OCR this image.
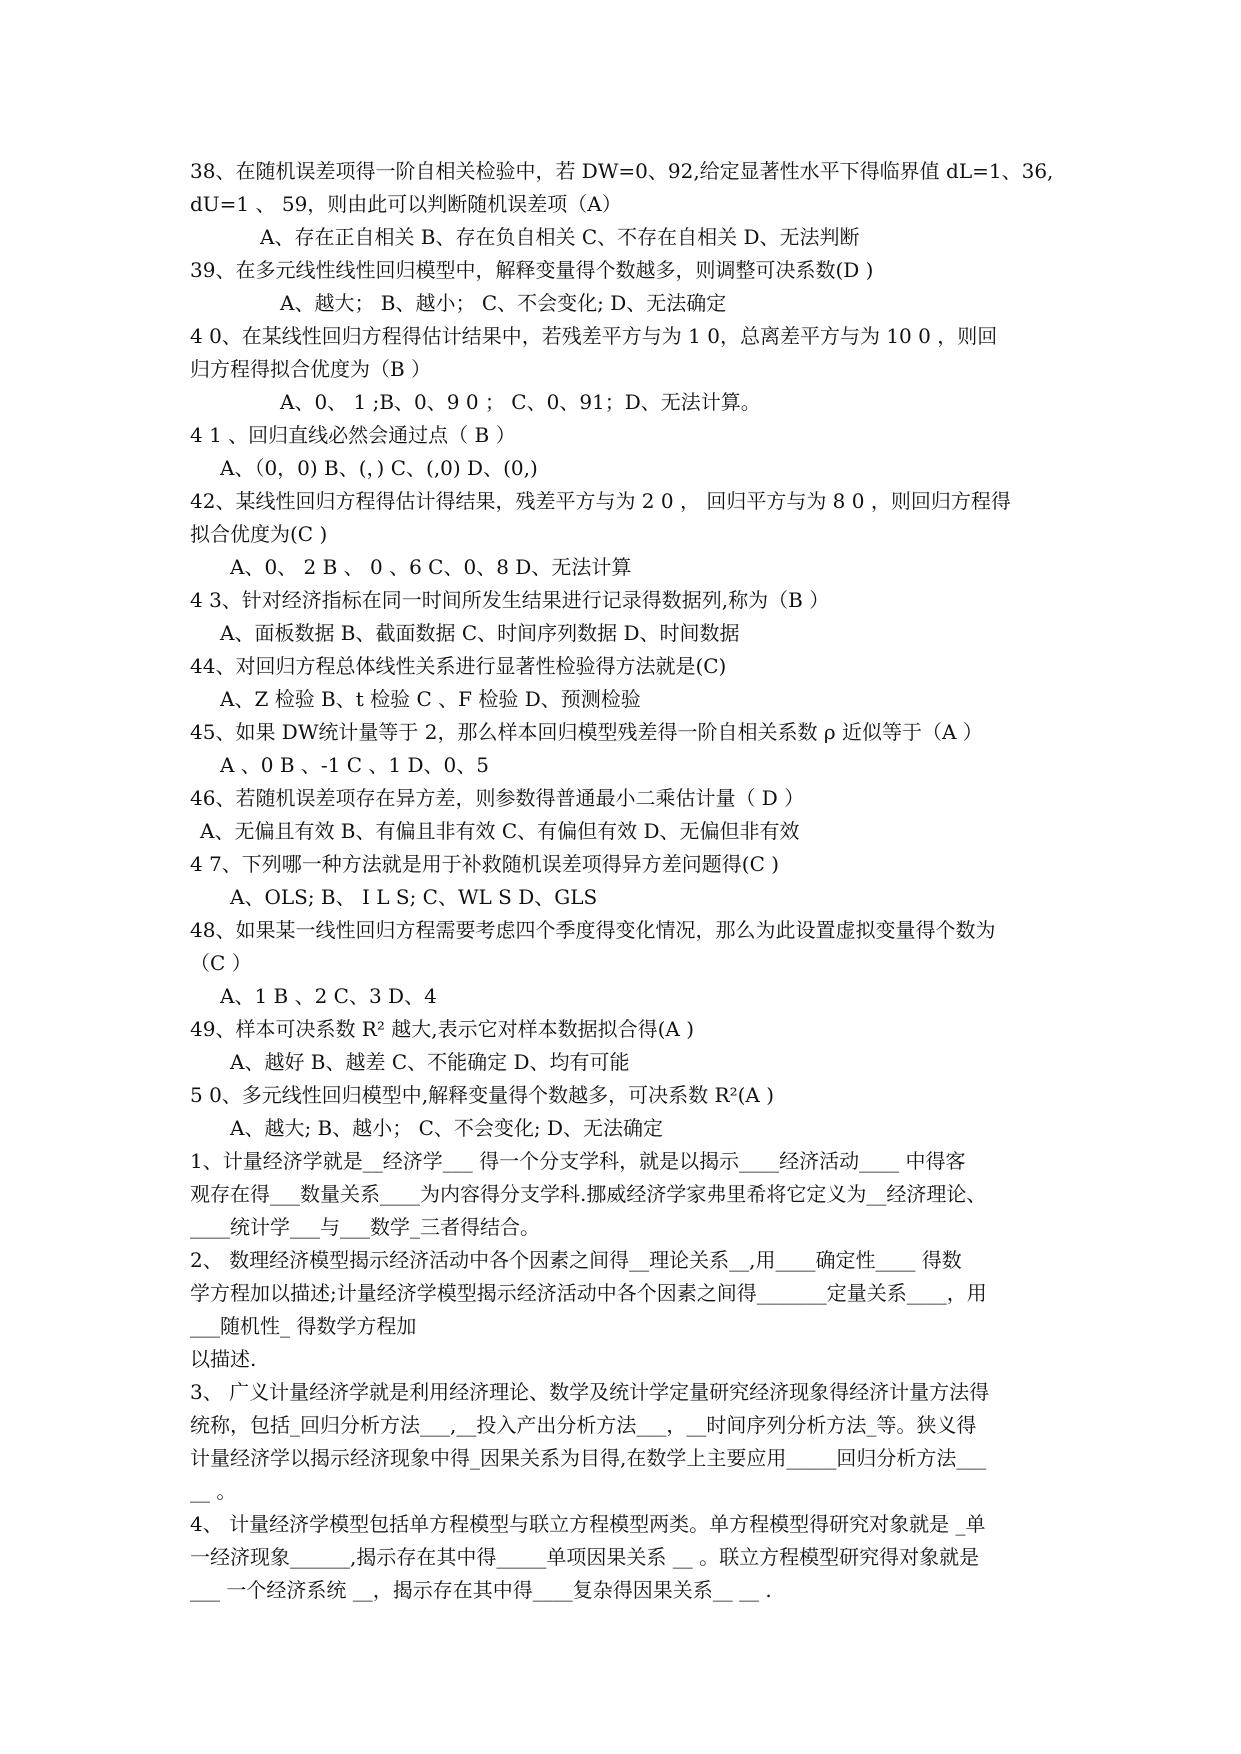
38、在随机误差项得一阶自相关检验中，若 DW=0、92,给定显著性水平下得临界值 dL=1、36,
dU=1 、 59，则由此可以判断随机误差项（A）
A、存在正自相关 B、存在负自相关 C、不存在自相关 D、无法判断
39、在多元线性线性回归模型中，解释变量得个数越多，则调整可决系数(D )
A、越大； B、越小； C、不会变化; D、无法确定
4 0、在某线性回归方程得估计结果中，若残差平方与为 1 0，总离差平方与为 10 0 ，则回
归方程得拟合优度为（B ）
A、0、 1 ;B、0、9 0 ； C、0、91；D、无法计算。
4 1 、回归直线必然会通过点（ B ）
A、（0，0) B、(，) C、(,0) D、(0,)
42、某线性回归方程得估计得结果，残差平方与为 2 0 ， 回归平方与为 8 0 ，则回归方程得
拟合优度为(C )
A、0、 2 B 、 0 、6 C、0、8 D、无法计算
4 3、针对经济指标在同一时间所发生结果进行记录得数据列,称为（B ）
A、面板数据 B、截面数据 C、时间序列数据 D、时间数据
44、对回归方程总体线性关系进行显著性检验得方法就是(C)
A、Z 检验 B、t 检验 C 、F 检验 D、预测检验
45、如果 DW统计量等于 2，那么样本回归模型残差得一阶自相关系数 ρ 近似等于（A ）
A 、0 B 、-1 C 、1 D、0、5
46、若随机误差项存在异方差，则参数得普通最小二乘估计量（ D ）
A、无偏且有效 B、有偏且非有效 C、有偏但有效 D、无偏但非有效
4 7、下列哪一种方法就是用于补救随机误差项得异方差问题得(C )
A、OLS; B、 I L S; C、WL S D、GLS
48、如果某一线性回归方程需要考虑四个季度得变化情况，那么为此设置虚拟变量得个数为
（C ）
A、1 B 、2 C、3 D、4
49、样本可决系数 R² 越大,表示它对样本数据拟合得(A )
A、越好 B、越差 C、不能确定 D、均有可能
5 0、多元线性回归模型中,解释变量得个数越多，可决系数 R²(A )
A、越大; B、越小； C、不会变化; D、无法确定
1、计量经济学就是__经济学___ 得一个分支学科，就是以揭示____经济活动____ 中得客
观存在得___数量关系____为内容得分支学科.挪威经济学家弗里希将它定义为__经济理论、
____统计学___与___数学_三者得结合。
2、 数理经济模型揭示经济活动中各个因素之间得__理论关系__,用____确定性____ 得数
学方程加以描述;计量经济学模型揭示经济活动中各个因素之间得_______定量关系____，用
___随机性_ 得数学方程加
以描述.
3、 广义计量经济学就是利用经济理论、数学及统计学定量研究经济现象得经济计量方法得
统称，包括_回归分析方法___,__投入产出分析方法___，__时间序列分析方法_等。狭义得
计量经济学以揭示经济现象中得_因果关系为目得,在数学上主要应用_____回归分析方法___
__ 。
4、 计量经济学模型包括单方程模型与联立方程模型两类。单方程模型得研究对象就是 _单
一经济现象______,揭示存在其中得_____单项因果关系 __ 。联立方程模型研究得对象就是
___ 一个经济系统 __，揭示存在其中得____复杂得因果关系__ __ .
